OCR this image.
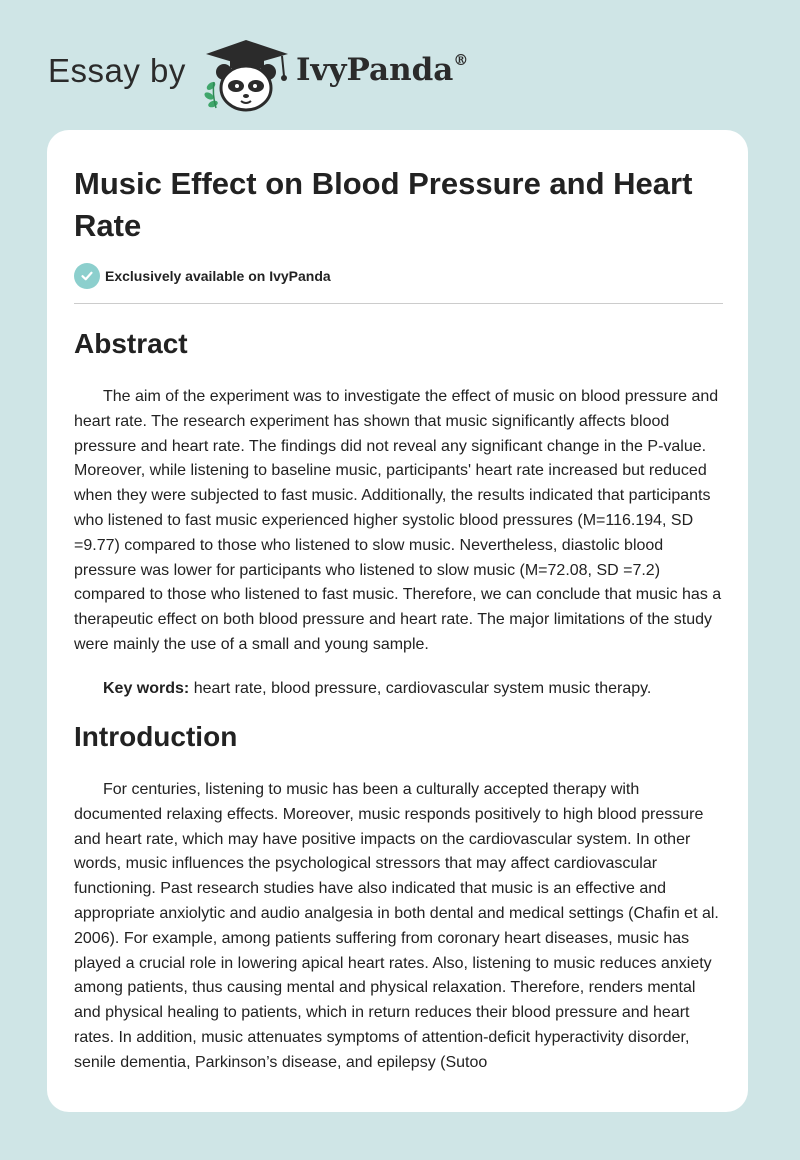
Essay by	IvyPanda®
Music Effect on Blood Pressure and Heart Rate
Exclusively available on IvyPanda
Abstract

The aim of the experiment was to investigate the effect of music on blood pressure and heart rate. The research experiment has shown that music significantly affects blood pressure and heart rate. The findings did not reveal any significant change in the P-value. Moreover, while listening to baseline music, participants' heart rate increased but reduced when they were subjected to fast music. Additionally, the results indicated that participants who listened to fast music experienced higher systolic blood pressures (M=116.194, SD =9.77) compared to those who listened to slow music. Nevertheless, diastolic blood pressure was lower for participants who listened to slow music (M=72.08, SD =7.2) compared to those who listened to fast music. Therefore, we can conclude that music has a therapeutic effect on both blood pressure and heart rate. The major limitations of the study were mainly the use of a small and young sample.

Key words: heart rate, blood pressure, cardiovascular system music therapy.

Introduction

For centuries, listening to music has been a culturally accepted therapy with documented relaxing effects. Moreover, music responds positively to high blood pressure and heart rate, which may have positive impacts on the cardiovascular system. In other words, music influences the psychological stressors that may affect cardiovascular functioning. Past research studies have also indicated that music is an effective and appropriate anxiolytic and audio analgesia in both dental and medical settings (Chafin et al. 2006). For example, among patients suffering from coronary heart diseases, music has played a crucial role in lowering apical heart rates. Also, listening to music reduces anxiety among patients, thus causing mental and physical relaxation. Therefore, renders mental and physical healing to patients, which in return reduces their blood pressure and heart rates. In addition, music attenuates symptoms of attention-deficit hyperactivity disorder, senile dementia, Parkinson’s disease, and epilepsy (Sutoo
